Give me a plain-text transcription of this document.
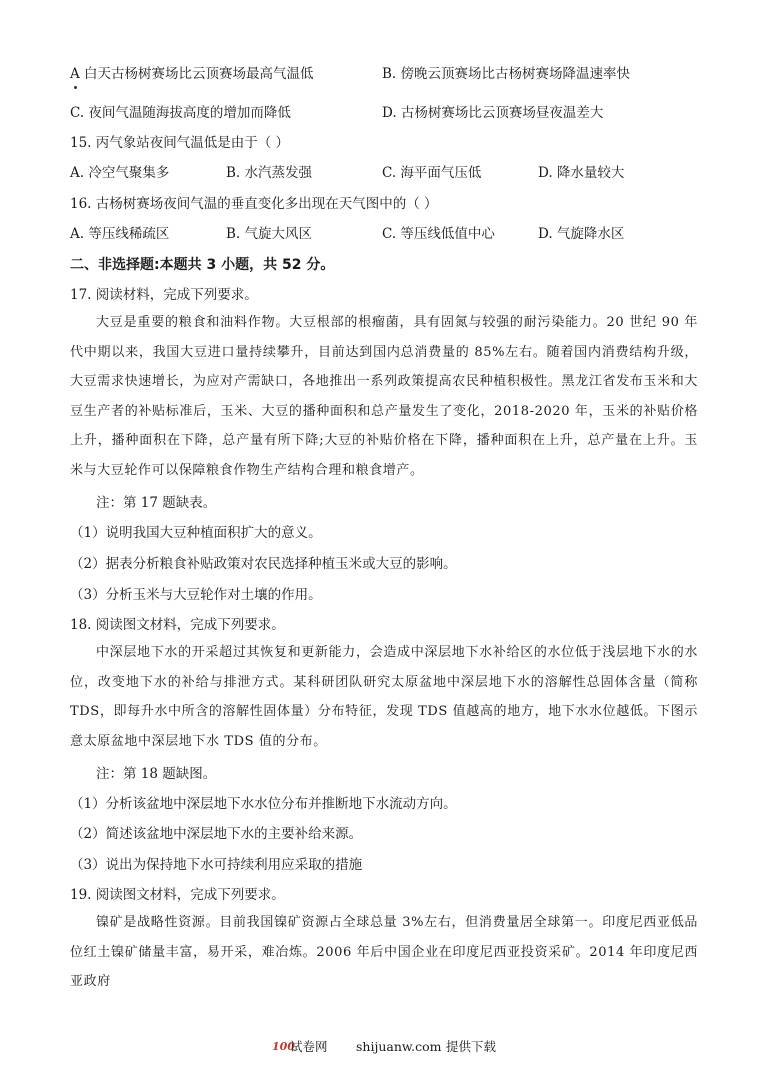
A 白天古杨树赛场比云顶赛场最高气温低	B. 傍晚云顶赛场比古杨树赛场降温速率快
C. 夜间气温随海拔高度的增加而降低	D. 古杨树赛场比云顶赛场昼夜温差大
15. 丙气象站夜间气温低是由于（ ）
A. 冷空气聚集多	B. 水汽蒸发强	C. 海平面气压低	D. 降水量较大
16. 古杨树赛场夜间气温的垂直变化多出现在天气图中的（ ）
A. 等压线稀疏区	B. 气旋大风区	C. 等压线低值中心	D. 气旋降水区
二、非选择题:本题共 3 小题，共 52 分。
17. 阅读材料，完成下列要求。
大豆是重要的粮食和油料作物。大豆根部的根瘤菌，具有固氮与较强的耐污染能力。20 世纪 90 年代中期以来，我国大豆进口量持续攀升，目前达到国内总消费量的 85%左右。随着国内消费结构升级，大豆需求快速增长，为应对产需缺口，各地推出一系列政策提高农民种植积极性。黑龙江省发布玉米和大豆生产者的补贴标准后，玉米、大豆的播种面积和总产量发生了变化，2018-2020 年，玉米的补贴价格上升，播种面积在下降，总产量有所下降;大豆的补贴价格在下降，播种面积在上升，总产量在上升。玉米与大豆轮作可以保障粮食作物生产结构合理和粮食增产。
注：第 17 题缺表。
（1）说明我国大豆种植面积扩大的意义。
（2）据表分析粮食补贴政策对农民选择种植玉米或大豆的影响。
（3）分析玉米与大豆轮作对土壤的作用。
18. 阅读图文材料，完成下列要求。
中深层地下水的开采超过其恢复和更新能力，会造成中深层地下水补给区的水位低于浅层地下水的水位，改变地下水的补给与排泄方式。某科研团队研究太原盆地中深层地下水的溶解性总固体含量（简称 TDS，即每升水中所含的溶解性固体量）分布特征，发现 TDS 值越高的地方，地下水水位越低。下图示意太原盆地中深层地下水 TDS 值的分布。
注：第 18 题缺图。
（1）分析该盆地中深层地下水水位分布并推断地下水流动方向。
（2）简述该盆地中深层地下水的主要补给来源。
（3）说出为保持地下水可持续利用应采取的措施
19. 阅读图文材料，完成下列要求。
镍矿是战略性资源。目前我国镍矿资源占全球总量 3%左右，但消费量居全球第一。印度尼西亚低品位红土镍矿储量丰富，易开采，难冶炼。2006 年后中国企业在印度尼西亚投资采矿。2014 年印度尼西亚政府
100
试卷网 shijuanw.com 提供下载
